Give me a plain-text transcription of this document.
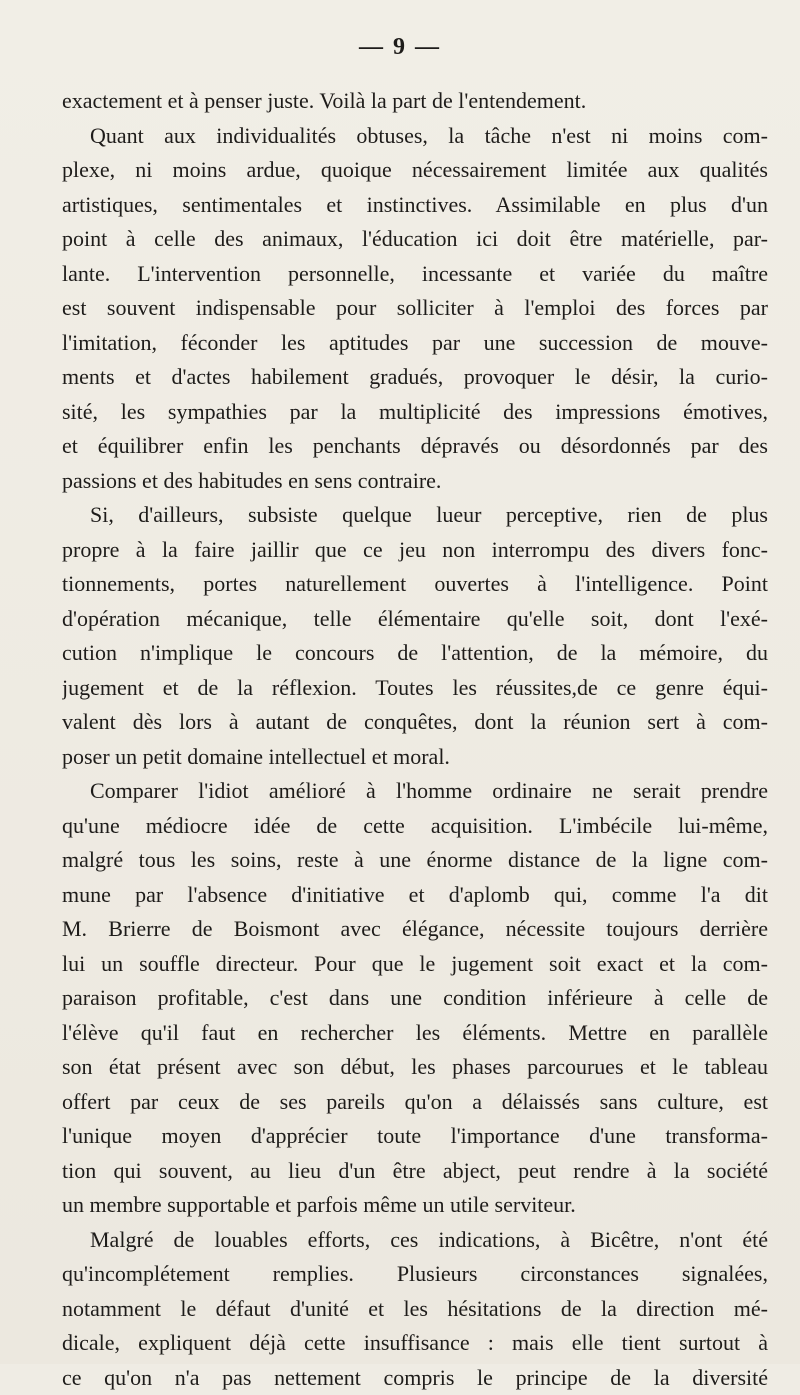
— 9 —
exactement et à penser juste. Voilà la part de l'entendement.
Quant aux individualités obtuses, la tâche n'est ni moins com-
plexe, ni moins ardue, quoique nécessairement limitée aux qualités
artistiques, sentimentales et instinctives. Assimilable en plus d'un
point à celle des animaux, l'éducation ici doit être matérielle, par-
lante. L'intervention personnelle, incessante et variée du maître
est souvent indispensable pour solliciter à l'emploi des forces par
l'imitation, féconder les aptitudes par une succession de mouve-
ments et d'actes habilement gradués, provoquer le désir, la curio-
sité, les sympathies par la multiplicité des impressions émotives,
et équilibrer enfin les penchants dépravés ou désordonnés par des
passions et des habitudes en sens contraire.
Si, d'ailleurs, subsiste quelque lueur perceptive, rien de plus
propre à la faire jaillir que ce jeu non interrompu des divers fonc-
tionnements, portes naturellement ouvertes à l'intelligence. Point
d'opération mécanique, telle élémentaire qu'elle soit, dont l'exé-
cution n'implique le concours de l'attention, de la mémoire, du
jugement et de la réflexion. Toutes les réussites,de ce genre équi-
valent dès lors à autant de conquêtes, dont la réunion sert à com-
poser un petit domaine intellectuel et moral.
Comparer l'idiot amélioré à l'homme ordinaire ne serait prendre
qu'une médiocre idée de cette acquisition. L'imbécile lui-même,
malgré tous les soins, reste à une énorme distance de la ligne com-
mune par l'absence d'initiative et d'aplomb qui, comme l'a dit
M. Brierre de Boismont avec élégance, nécessite toujours derrière
lui un souffle directeur. Pour que le jugement soit exact et la com-
paraison profitable, c'est dans une condition inférieure à celle de
l'élève qu'il faut en rechercher les éléments. Mettre en parallèle
son état présent avec son début, les phases parcourues et le tableau
offert par ceux de ses pareils qu'on a délaissés sans culture, est
l'unique moyen d'apprécier toute l'importance d'une transforma-
tion qui souvent, au lieu d'un être abject, peut rendre à la société
un membre supportable et parfois même un utile serviteur.
Malgré de louables efforts, ces indications, à Bicêtre, n'ont été
qu'incomplétement remplies. Plusieurs circonstances signalées,
notamment le défaut d'unité et les hésitations de la direction mé-
dicale, expliquent déjà cette insuffisance : mais elle tient surtout à
ce qu'on n'a pas nettement compris le principe de la diversité
